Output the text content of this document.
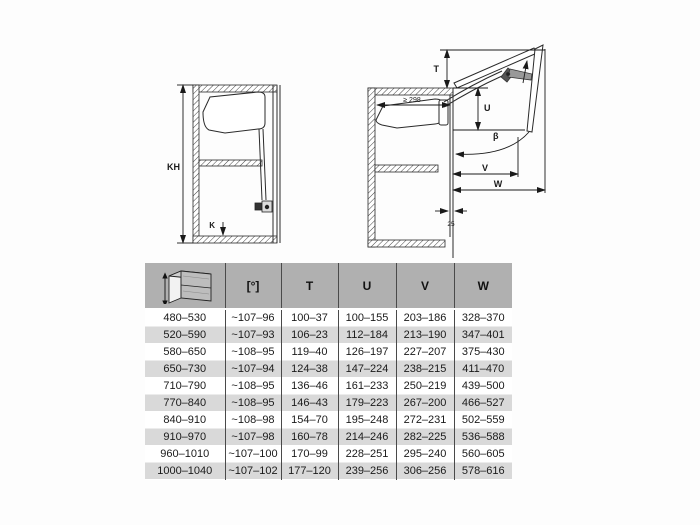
KH
K
T
U
≥ 298
β
V
W
25
	[°]	T	U	V	W
480–530	~107–96	100–37	100–155	203–186	328–370
520–590	~107–93	106–23	112–184	213–190	347–401
580–650	~108–95	119–40	126–197	227–207	375–430
650–730	~107–94	124–38	147–224	238–215	411–470
710–790	~108–95	136–46	161–233	250–219	439–500
770–840	~108–95	146–43	179–223	267–200	466–527
840–910	~108–98	154–70	195–248	272–231	502–559
910–970	~107–98	160–78	214–246	282–225	536–588
960–1010	~107–100	170–99	228–251	295–240	560–605
1000–1040	~107–102	177–120	239–256	306–256	578–616
